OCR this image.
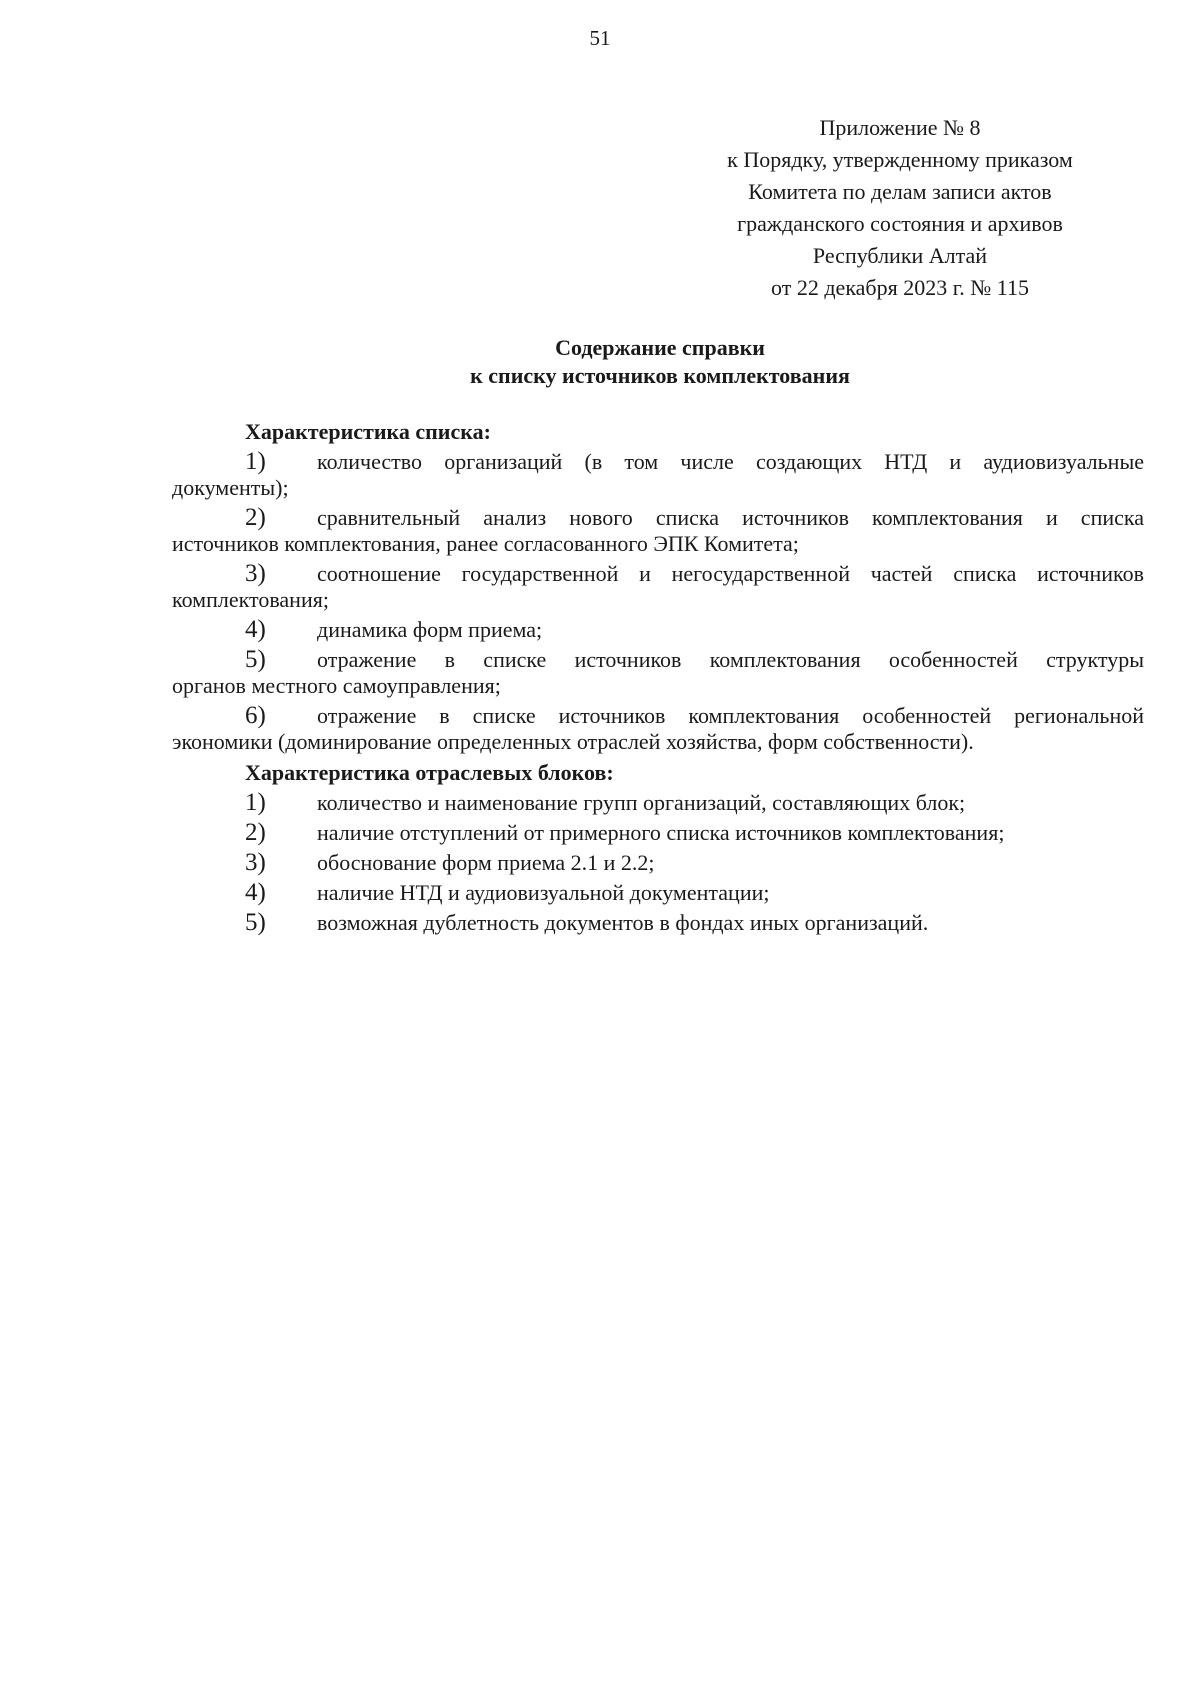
51
Приложение № 8
к Порядку, утвержденному приказом
Комитета по делам записи актов
гражданского состояния и архивов
Республики Алтай
от 22 декабря 2023 г. № 115
Содержание справки
к списку источников комплектования
Характеристика списка:
1)	количество организаций (в том числе создающих НТД и аудиовизуальные
документы);
2)	сравнительный анализ нового списка источников комплектования и списка
источников комплектования, ранее согласованного ЭПК Комитета;
3)	соотношение государственной и негосударственной частей списка источников
комплектования;
4)	динамика форм приема;
5)	отражение в списке источников комплектования особенностей структуры
органов местного самоуправления;
6)	отражение в списке источников комплектования особенностей региональной
экономики (доминирование определенных отраслей хозяйства, форм собственности).
Характеристика отраслевых блоков:
1)	количество и наименование групп организаций, составляющих блок;
2)	наличие отступлений от примерного списка источников комплектования;
3)	обоснование форм приема 2.1 и 2.2;
4)	наличие НТД и аудиовизуальной документации;
5)	возможная дублетность документов в фондах иных организаций.
